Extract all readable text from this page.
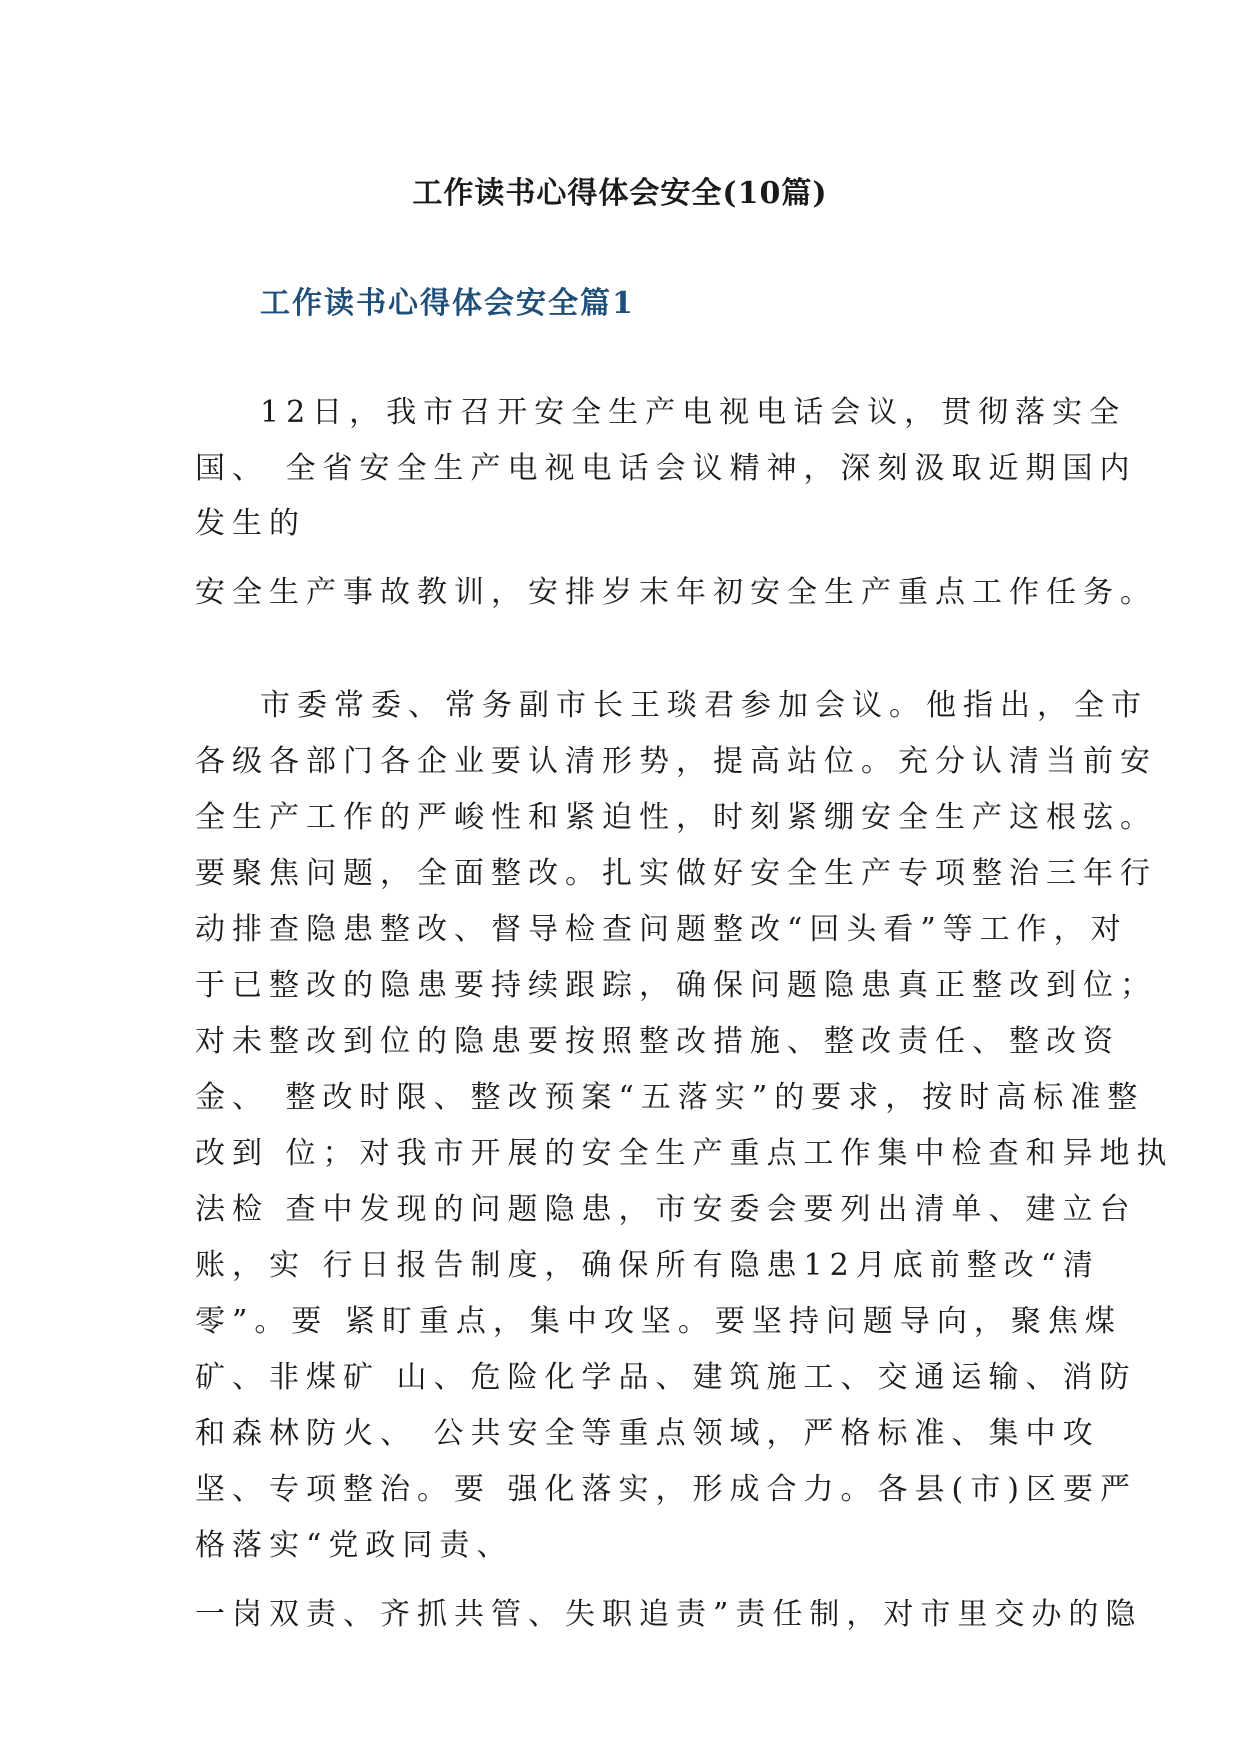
工作读书心得体会安全(10篇)
工作读书心得体会安全篇1

12日，我市召开安全生产电视电话会议，贯彻落实全

国、 全省安全生产电视电话会议精神，深刻汲取近期国内

发生的

安全生产事故教训，安排岁末年初安全生产重点工作任务。

市委常委、常务副市长王琰君参加会议。他指出，全市

各级各部门各企业要认清形势，提高站位。充分认清当前安

全生产工作的严峻性和紧迫性，时刻紧绷安全生产这根弦。

要聚焦问题，全面整改。扎实做好安全生产专项整治三年行

动排查隐患整改、督导检查问题整改“回头看”等工作，对

于已整改的隐患要持续跟踪，确保问题隐患真正整改到位；

对未整改到位的隐患要按照整改措施、整改责任、整改资

金、 整改时限、整改预案“五落实”的要求，按时高标准整

改到 位；对我市开展的安全生产重点工作集中检查和异地执

法检 查中发现的问题隐患，市安委会要列出清单、建立台

账，实 行日报告制度，确保所有隐患12月底前整改“清

零”。要 紧盯重点，集中攻坚。要坚持问题导向，聚焦煤

矿、非煤矿 山、危险化学品、建筑施工、交通运输、消防

和森林防火、 公共安全等重点领域，严格标准、集中攻

坚、专项整治。要 强化落实，形成合力。各县(市)区要严

格落实“党政同责、

一岗双责、齐抓共管、失职追责”责任制，对市里交办的隐
